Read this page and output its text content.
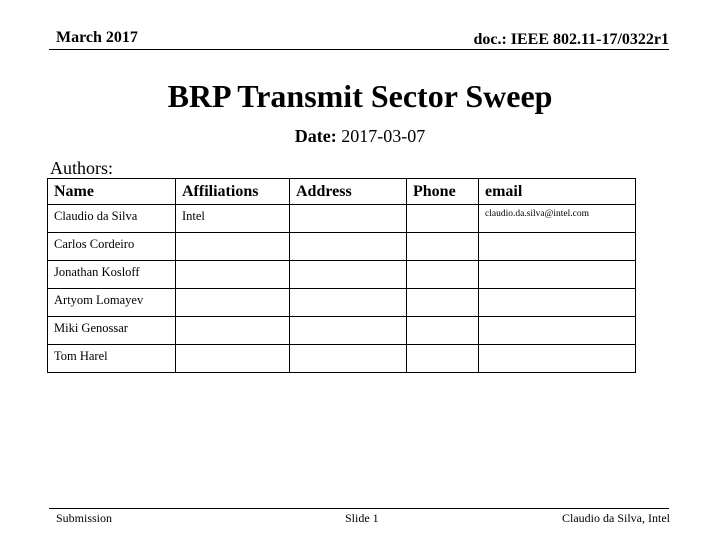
March 2017	doc.: IEEE 802.11-17/0322r1
BRP Transmit Sector Sweep
Date: 2017-03-07
Authors:
Name	Affiliations	Address	Phone	email
Claudio da Silva	Intel			claudio.da.silva@intel.com
Carlos Cordeiro				
Jonathan Kosloff				
Artyom Lomayev				
Miki Genossar				
Tom Harel				
Submission	Slide 1	Claudio da Silva, Intel
